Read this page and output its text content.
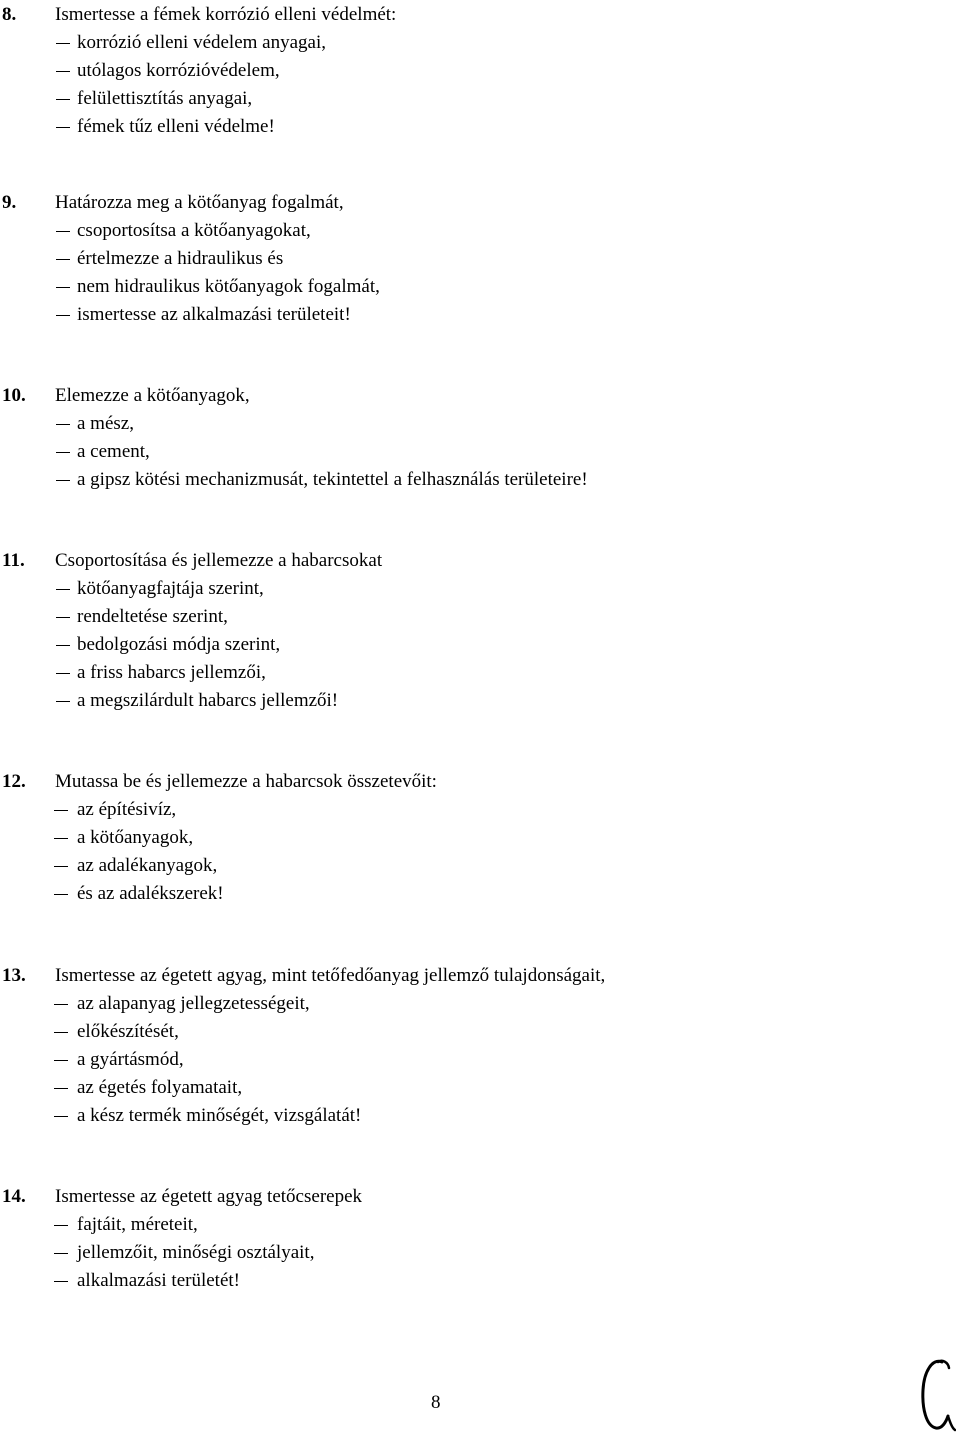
8. Ismertesse a fémek korrózió elleni védelmét:
korrózió elleni védelem anyagai,
utólagos korrózióvédelem,
felülettisztítás anyagai,
fémek tűz elleni védelme!
9. Határozza meg a kötőanyag fogalmát,
csoportosítsa a kötőanyagokat,
értelmezze a hidraulikus és
nem hidraulikus kötőanyagok fogalmát,
ismertesse az alkalmazási területeit!
10. Elemezze a kötőanyagok,
a mész,
a cement,
a gipsz kötési mechanizmusát, tekintettel a felhasználás területeire!
11. Csoportosítása és jellemezze a habarcsokat
kötőanyagfajtája szerint,
rendeltetése szerint,
bedolgozási módja szerint,
a friss habarcs jellemzői,
a megszilárdult habarcs jellemzői!
12. Mutassa be és jellemezze a habarcsok összetevőit:
az építésivíz,
a kötőanyagok,
az adalékanyagok,
és az adalékszerek!
13. Ismertesse az égetett agyag, mint tetőfedőanyag jellemző tulajdonságait,
az alapanyag jellegzetességeit,
előkészítését,
a gyártásmód,
az égetés folyamatait,
a kész termék minőségét, vizsgálatát!
14. Ismertesse az égetett agyag tetőcserepek
fajtáit, méreteit,
jellemzőit, minőségi osztályait,
alkalmazási területét!
8
